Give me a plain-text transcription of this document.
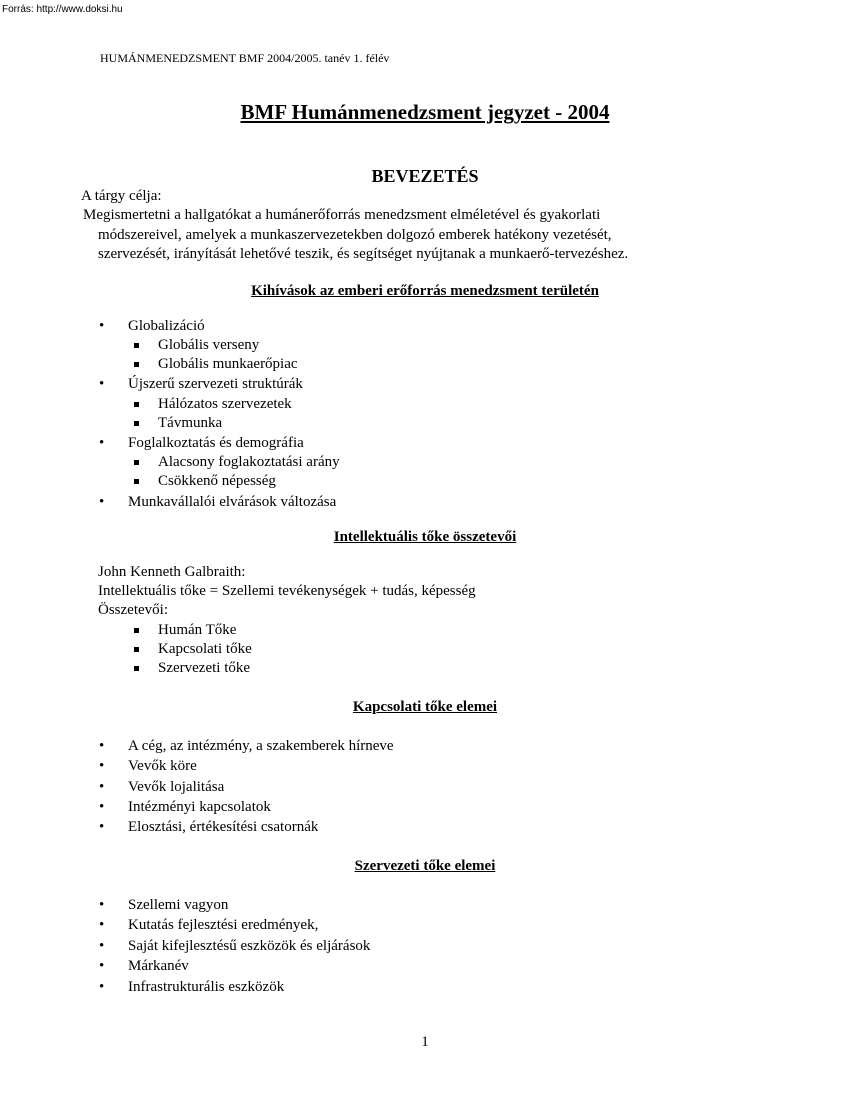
Forrás: http://www.doksi.hu
HUMÁNMENEDZSMENT BMF 2004/2005. tanév 1. félév
BMF Humánmenedzsment jegyzet - 2004
BEVEZETÉS
A tárgy célja:
Megismertetni a hallgatókat a humánerőforrás menedzsment elméletével és gyakorlati
módszereivel, amelyek a munkaszervezetekben dolgozó emberek hatékony vezetését,
szervezését, irányítását lehetővé teszik, és segítséget nyújtanak a munkaerő-tervezéshez.
Kihívások az emberi erőforrás menedzsment területén
• Globalizáció
Globális verseny
Globális munkaerőpiac
• Újszerű szervezeti struktúrák
Hálózatos szervezetek
Távmunka
• Foglalkoztatás és demográfia
Alacsony foglakoztatási arány
Csökkenő népesség
• Munkavállalói elvárások változása
Intellektuális tőke összetevői
John Kenneth Galbraith:
Intellektuális tőke = Szellemi tevékenységek + tudás, képesség
Összetevői:
Humán Tőke
Kapcsolati tőke
Szervezeti tőke
Kapcsolati tőke elemei
• A cég, az intézmény, a szakemberek hírneve
• Vevők köre
• Vevők lojalitása
• Intézményi kapcsolatok
• Elosztási, értékesítési csatornák
Szervezeti tőke elemei
• Szellemi vagyon
• Kutatás fejlesztési eredmények,
• Saját kifejlesztésű eszközök és eljárások
• Márkanév
• Infrastrukturális eszközök
1
